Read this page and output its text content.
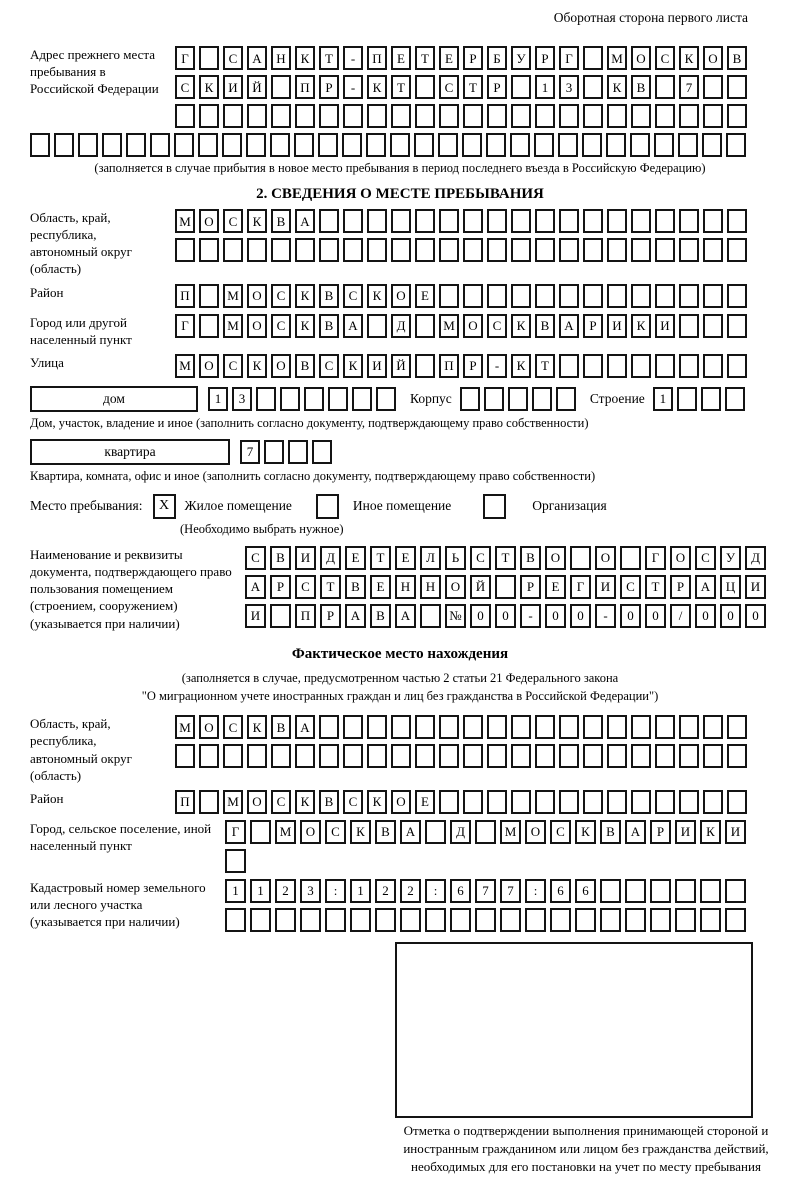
Оборотная сторона первого листа
Адрес прежнего места пребывания в Российской Федерации
Г	С	А	Н	К	Т	-	П	Е	Т	Е	Р	Б	У	Р	Г	М	О	С	К	О	В
С	К	И	Й	П	Р	-	К	Т	С	Т	Р	1	3	К	В	7
(заполняется в случае прибытия в новое место пребывания в период последнего въезда в Российскую Федерацию)
2. СВЕДЕНИЯ О МЕСТЕ ПРЕБЫВАНИЯ
Область, край, республика, автономный округ (область)
М	О	С	К	В	А
Район	П	М	О	С	К	В	С	К	О	Е
Город или другой населенный пункт
Г	М	О	С	К	В	А	Д	М	О	С	К	В	А	Р	И	К	И
Улица	М	О	С	К	О	В	С	К	И	Й	П	Р	-	К	Т
дом	1	3	Корпус	Строение	1
Дом, участок, владение и иное (заполнить согласно документу, подтверждающему право собственности)
квартира	7
Квартира, комната, офис и иное (заполнить согласно документу, подтверждающему право собственности)
Место пребывания:	X	Жилое помещение	Иное помещение	Организация
(Необходимо выбрать нужное)
Наименование и реквизиты документа, подтверждающего право пользования помещением (строением, сооружением) (указывается при наличии)
С	В	И	Д	Е	Т	Е	Л	Ь	С	Т	В	О	О	Г	О	С	У	Д
А	Р	С	Т	В	Е	Н	Н	О	Й	Р	Е	Г	И	С	Т	Р	А	Ц	И
И	П	Р	А	В	А	№	0	0	-	0	0	-	0	0	/	0	0	0
Фактическое место нахождения
(заполняется в случае, предусмотренном частью 2 статьи 21 Федерального закона
"О миграционном учете иностранных граждан и лиц без гражданства в Российской Федерации")
Область, край, республика, автономный округ (область)
М	О	С	К	В	А
Район	П	М	О	С	К	В	С	К	О	Е
Город, сельское поселение, иной населенный пункт
Г	М	О	С	К	В	А	Д	М	О	С	К	В	А	Р	И	К	И
Кадастровый номер земельного или лесного участка (указывается при наличии)
1	1	2	3	:	1	2	2	:	6	7	7	:	6	6
Отметка о подтверждении выполнения принимающей стороной и иностранным гражданином или лицом без гражданства действий, необходимых для его постановки на учет по месту пребывания
